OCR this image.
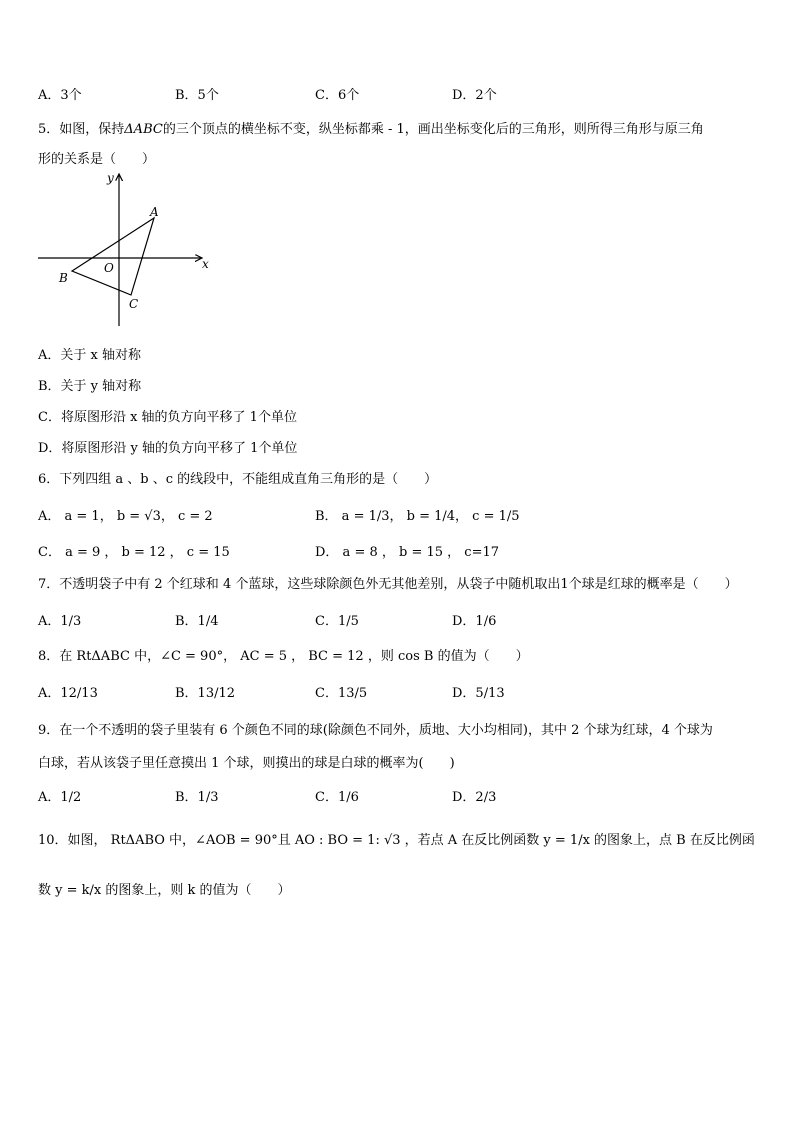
A．3个	B．5个	C．6个	D．2个
5．如图，保持ΔABC的三个顶点的横坐标不变，纵坐标都乘 - 1，画出坐标变化后的三角形，则所得三角形与原三角
形的关系是（　　）
x
y
O
A
B
C
A．关于 x 轴对称
B．关于 y 轴对称
C．将原图形沿 x 轴的负方向平移了 1个单位
D．将原图形沿 y 轴的负方向平移了 1个单位
6．下列四组 a 、b 、c 的线段中，不能组成直角三角形的是（　　）
A． a = 1， b = √3， c = 2	B． a = 1/3， b = 1/4， c = 1/5
C． a = 9 ， b = 12 ， c = 15	D． a = 8 ， b = 15 ， c=17
7．不透明袋子中有 2 个红球和 4 个蓝球，这些球除颜色外无其他差别，从袋子中随机取出1个球是红球的概率是（　　）
A．1/3	B．1/4	C．1/5	D．1/6
8．在 RtΔABC 中，∠C = 90°， AC = 5 ， BC = 12 ，则 cos B 的值为（　　）
A．12/13	B．13/12	C．13/5	D．5/13
9．在一个不透明的袋子里装有 6 个颜色不同的球(除颜色不同外，质地、大小均相同)，其中 2 个球为红球，4 个球为
白球，若从该袋子里任意摸出 1 个球，则摸出的球是白球的概率为(　　)
A．1/2	B．1/3	C．1/6	D．2/3
10．如图， RtΔABO 中，∠AOB = 90°且 AO : BO = 1: √3 ，若点 A 在反比例函数 y = 1/x 的图象上，点 B 在反比例函
数 y = k/x 的图象上，则 k 的值为（　　）
